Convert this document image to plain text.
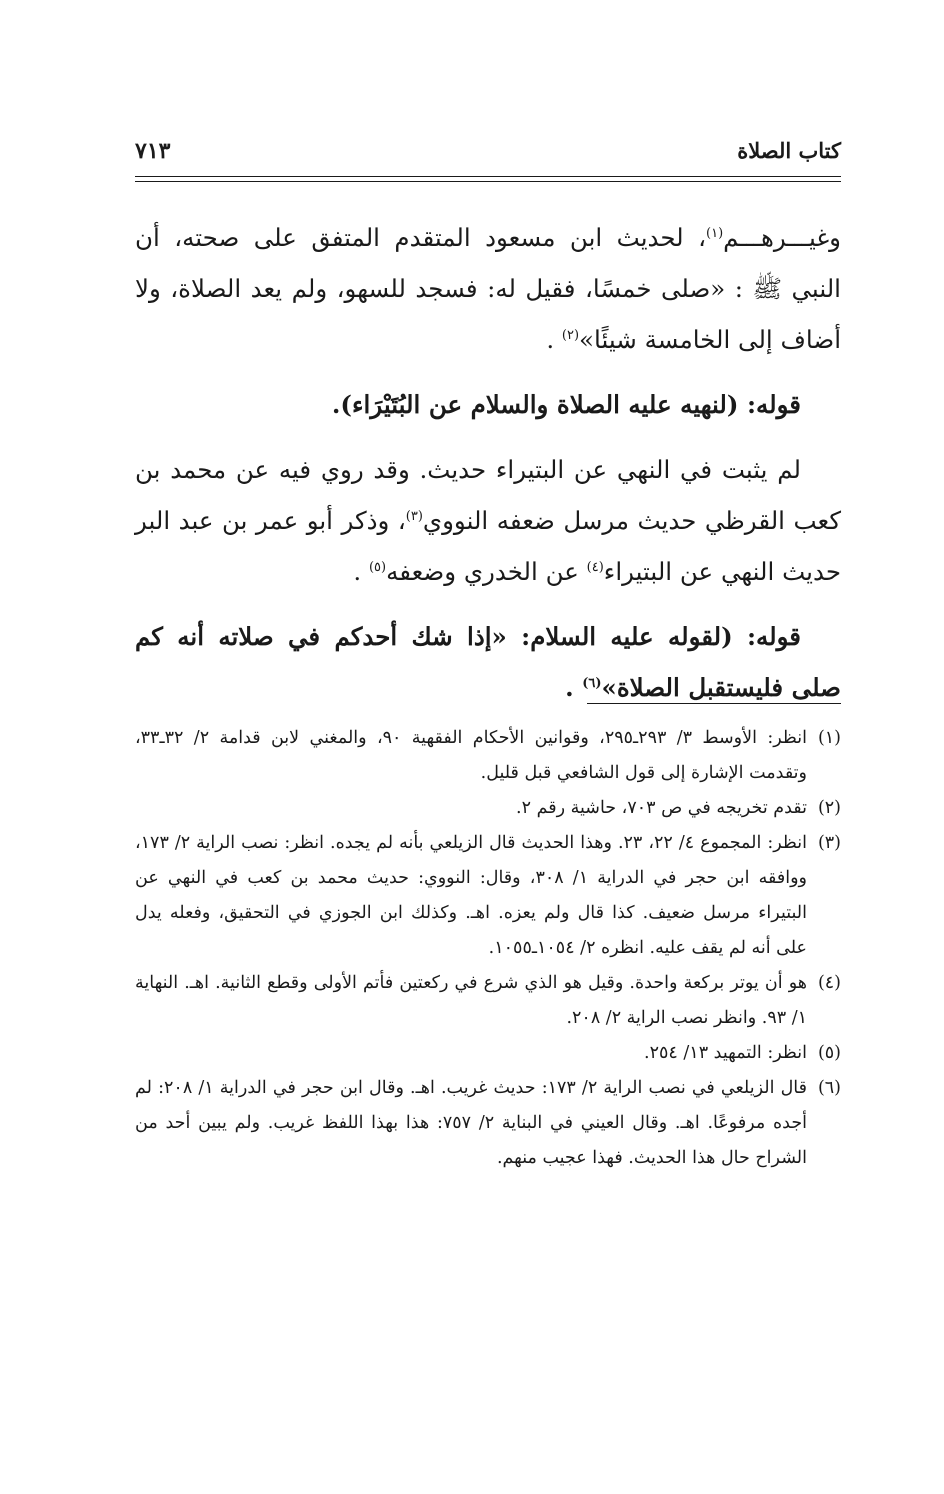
كتاب الصلاة
٧١٣

وغيـــرهـــم$^{(١)}$، لحديث ابن مسعود المتقدم المتفق على صحته، أن النبي ﷺ : «صلى خمسًا، فقيل له: فسجد للسهو، ولم يعد الصلاة، ولا أضاف إلى الخامسة شيئًا»$^{(٢)}$ .

قوله: (لنهيه عليه الصلاة والسلام عن البُتَيْرَاء).

لم يثبت في النهي عن البتيراء حديث. وقد روي فيه عن محمد بن كعب القرظي حديث مرسل ضعفه النووي$^{(٣)}$، وذكر أبو عمر بن عبد البر حديث النهي عن البتيراء$^{(٤)}$ عن الخدري وضعفه$^{(٥)}$ .

قوله: (لقوله عليه السلام: «إذا شك أحدكم في صلاته أنه كم صلى فليستقبل الصلاة»$^{(٦)}$ .

(١)
انظر: الأوسط ٣/ ٢٩٣ـ٢٩٥، وقوانين الأحكام الفقهية ٩٠، والمغني لابن قدامة ٢/ ٣٢ـ٣٣، وتقدمت الإشارة إلى قول الشافعي قبل قليل.
(٢)
تقدم تخريجه في ص ٧٠٣، حاشية رقم ٢.
(٣)
انظر: المجموع ٤/ ٢٢، ٢٣. وهذا الحديث قال الزيلعي بأنه لم يجده. انظر: نصب الراية ٢/ ١٧٣، ووافقه ابن حجر في الدراية ١/ ٣٠٨، وقال: النووي: حديث محمد بن كعب في النهي عن البتيراء مرسل ضعيف. كذا قال ولم يعزه. اهـ. وكذلك ابن الجوزي في التحقيق، وفعله يدل على أنه لم يقف عليه. انظره ٢/ ١٠٥٤ـ١٠٥٥.
(٤)
هو أن يوتر بركعة واحدة. وقيل هو الذي شرع في ركعتين فأتم الأولى وقطع الثانية. اهـ. النهاية ١/ ٩٣. وانظر نصب الراية ٢/ ٢٠٨.
(٥)
انظر: التمهيد ١٣/ ٢٥٤.
(٦)
قال الزيلعي في نصب الراية ٢/ ١٧٣: حديث غريب. اهـ. وقال ابن حجر في الدراية ١/ ٢٠٨: لم أجده مرفوعًا. اهـ. وقال العيني في البناية ٢/ ٧٥٧: هذا بهذا اللفظ غريب. ولم يبين أحد من الشراح حال هذا الحديث. فهذا عجيب منهم.
